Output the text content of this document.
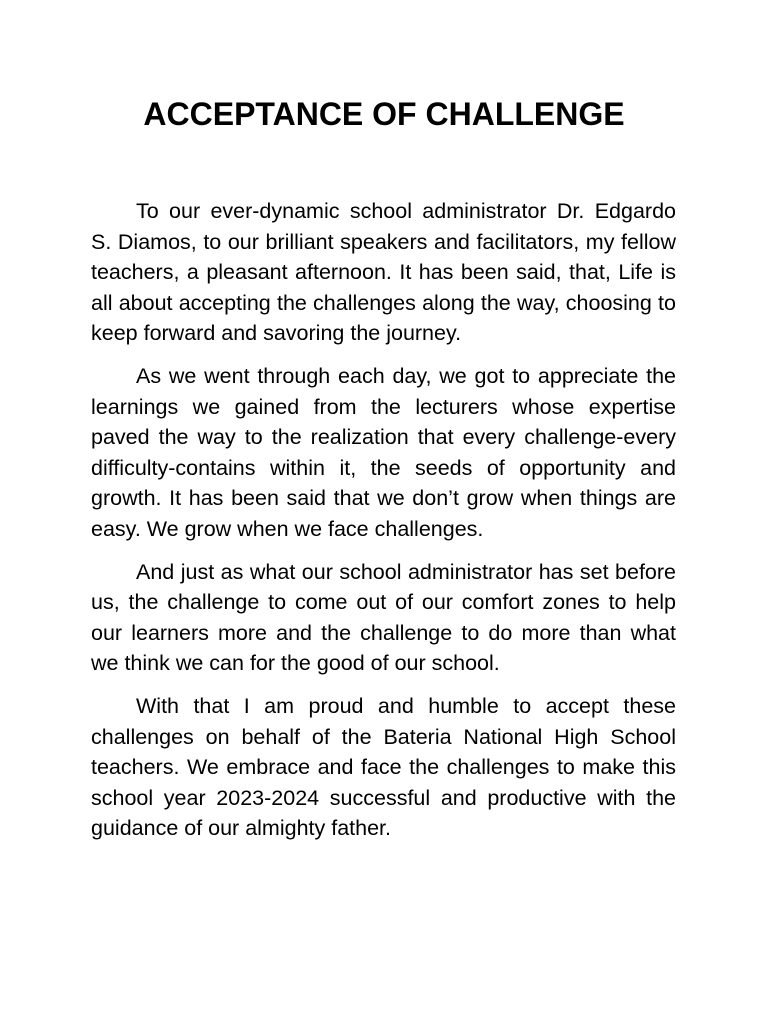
ACCEPTANCE OF CHALLENGE

To our ever-dynamic school administrator Dr. Edgardo S. Diamos, to our brilliant speakers and facilitators, my fellow teachers, a pleasant afternoon. It has been said, that, Life is all about accepting the challenges along the way, choosing to keep forward and savoring the journey.

As we went through each day, we got to appreciate the learnings we gained from the lecturers whose expertise paved the way to the realization that every challenge-every difficulty-contains within it, the seeds of opportunity and growth. It has been said that we don’t grow when things are easy. We grow when we face challenges.

And just as what our school administrator has set before us, the challenge to come out of our comfort zones to help our learners more and the challenge to do more than what we think we can for the good of our school.

With that I am proud and humble to accept these challenges on behalf of the Bateria National High School teachers. We embrace and face the challenges to make this school year 2023-2024 successful and productive with the guidance of our almighty father.
